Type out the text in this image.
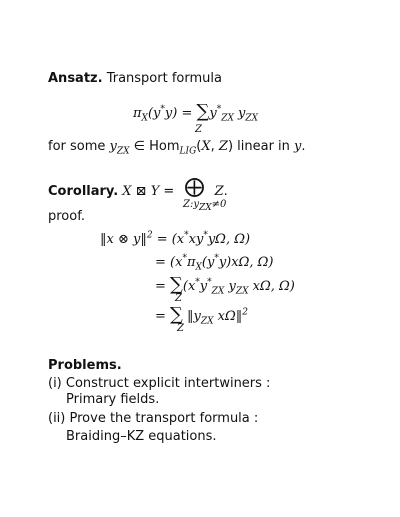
Ansatz. Transport formula
$\pi_X(y^*y) = \sum y^*_{ZX}$ $y_{ZX}$
Z
for some $y_{ZX}$ ∈ Hom$_{LIG}$(X, Z) linear in y.
Corollary. X ⊠ Y = ⨁ Z.
$Z:y_{ZX}\ne 0$
proof.
‖x ⊗ y‖$^2$ = (x*xy*yΩ, Ω)
= ($x^*\pi_X(y^*y)x\Omega$, Ω)
= $\sum(x^*y^*_{ZX}$ $y_{ZX}$ xΩ, Ω)
Z
= ∑ $‖y_{ZX}$ xΩ‖$^2$
Z
Problems.
(i) Construct explicit intertwiners :
Primary fields.
(ii) Prove the transport formula :
Braiding–KZ equations.
